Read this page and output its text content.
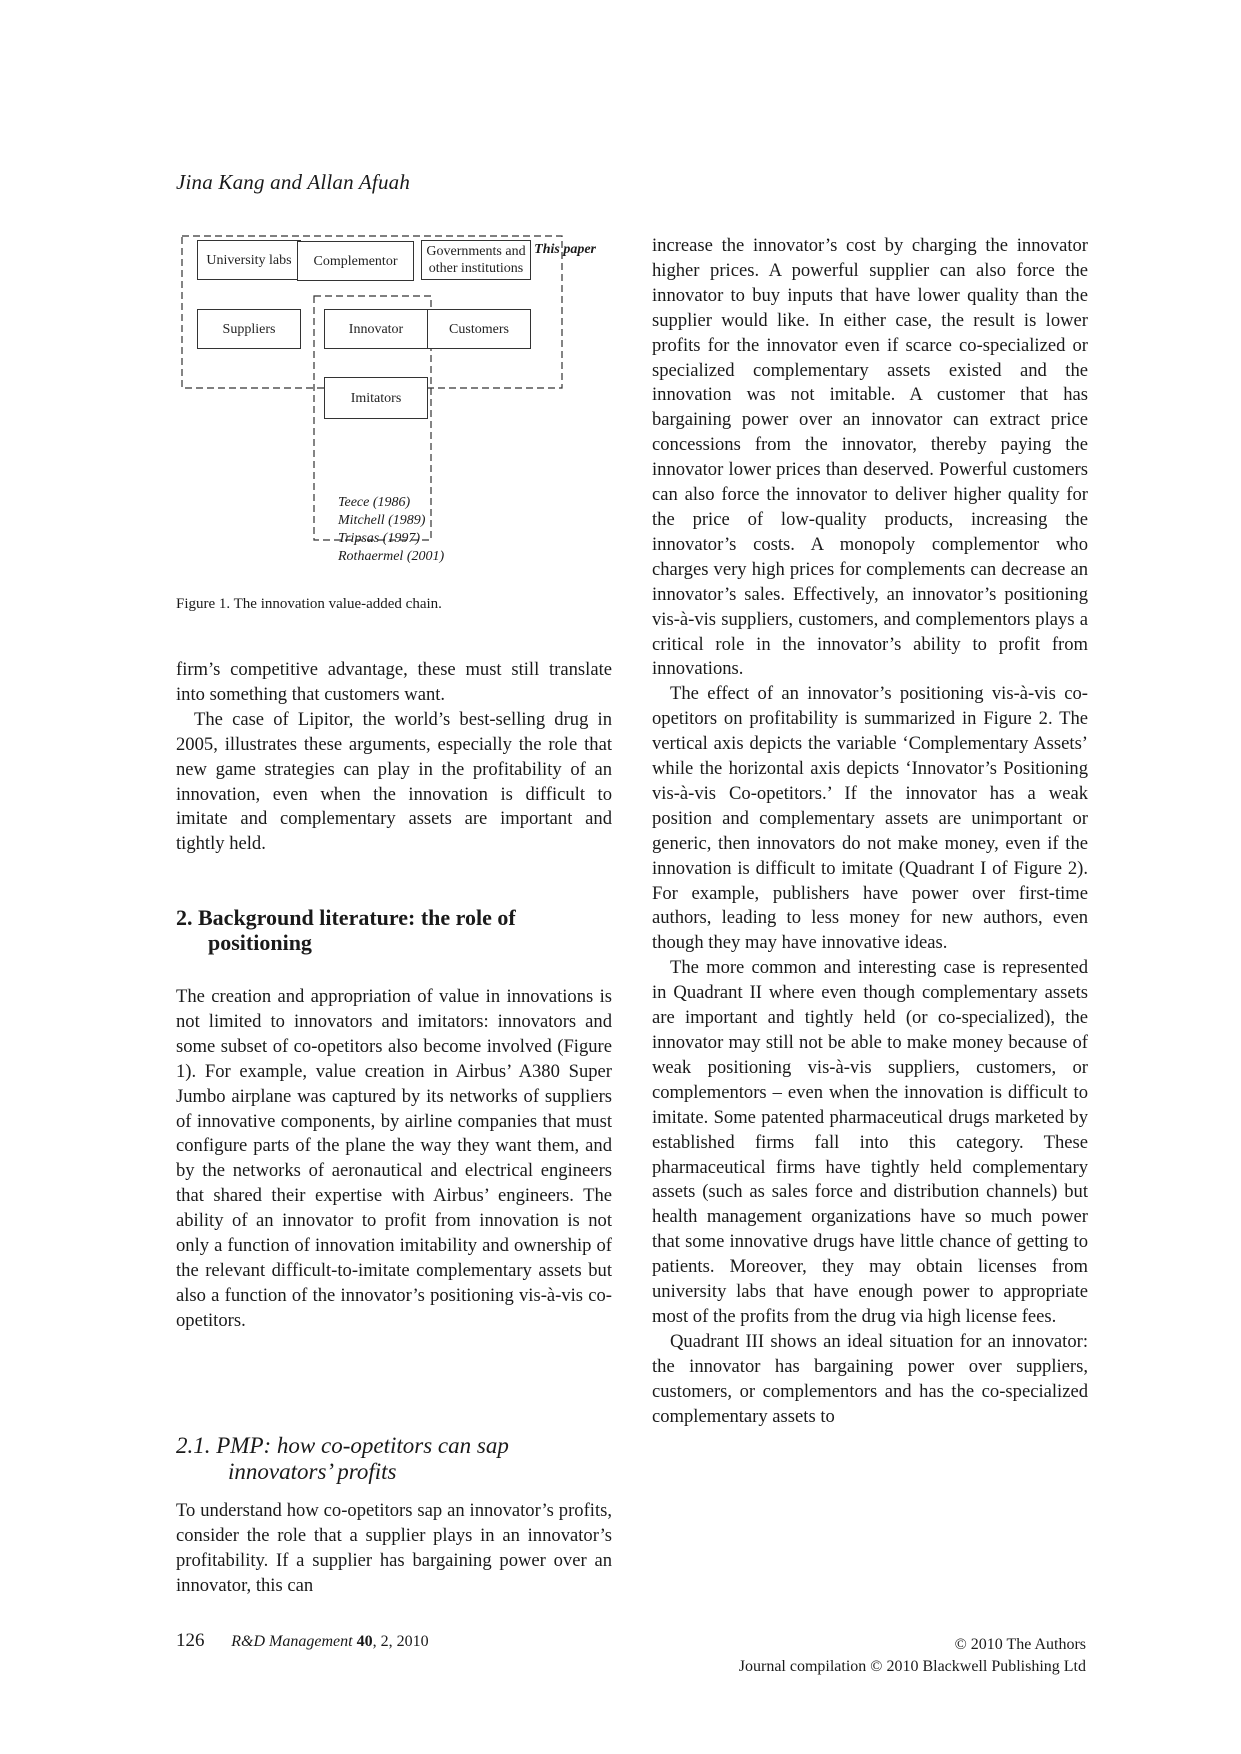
Jina Kang and Allan Afuah
This paper
University labs Complementor
Governments and
other institutions
Suppliers	Innovator	Customers
Imitators
Teece (1986)
Mitchell (1989)
Tripsas (1997)
Rothaermel (2001)
Figure 1. The innovation value-added chain.

firm’s competitive advantage, these must still translate into something that customers want.

The case of Lipitor, the world’s best-selling drug in 2005, illustrates these arguments, especially the role that new game strategies can play in the profitability of an innovation, even when the innovation is difficult to imitate and complementary assets are important and tightly held.

2. Background literature: the role of positioning

The creation and appropriation of value in innovations is not limited to innovators and imitators: innovators and some subset of co-opetitors also become involved (Figure 1). For example, value creation in Airbus’ A380 Super Jumbo airplane was captured by its networks of suppliers of innovative components, by airline companies that must configure parts of the plane the way they want them, and by the networks of aeronautical and electrical engineers that shared their expertise with Airbus’ engineers. The ability of an innovator to profit from innovation is not only a function of innovation imitability and ownership of the relevant difficult-to-imitate complementary assets but also a function of the innovator’s positioning vis-à-vis co-opetitors.

2.1. PMP: how co-opetitors can sap innovators’ profits

To understand how co-opetitors sap an innovator’s profits, consider the role that a supplier plays in an innovator’s profitability. If a supplier has bargaining power over an innovator, this can

increase the innovator’s cost by charging the innovator higher prices. A powerful supplier can also force the innovator to buy inputs that have lower quality than the supplier would like. In either case, the result is lower profits for the innovator even if scarce co-specialized or specialized complementary assets existed and the innovation was not imitable. A customer that has bargaining power over an innovator can extract price concessions from the innovator, thereby paying the innovator lower prices than deserved. Powerful customers can also force the innovator to deliver higher quality for the price of low-quality products, increasing the innovator’s costs. A monopoly complementor who charges very high prices for complements can decrease an innovator’s sales. Effectively, an innovator’s positioning vis-à-vis suppliers, customers, and complementors plays a critical role in the innovator’s ability to profit from innovations.

The effect of an innovator’s positioning vis-à-vis co-opetitors on profitability is summarized in Figure 2. The vertical axis depicts the variable ‘Complementary Assets’ while the horizontal axis depicts ‘Innovator’s Positioning vis-à-vis Co-opetitors.’ If the innovator has a weak position and complementary assets are unimportant or generic, then innovators do not make money, even if the innovation is difficult to imitate (Quadrant I of Figure 2). For example, publishers have power over first-time authors, leading to less money for new authors, even though they may have innovative ideas.

The more common and interesting case is represented in Quadrant II where even though complementary assets are important and tightly held (or co-specialized), the innovator may still not be able to make money because of weak positioning vis-à-vis suppliers, customers, or complementors – even when the innovation is difficult to imitate. Some patented pharmaceutical drugs marketed by established firms fall into this category. These pharmaceutical firms have tightly held complementary assets (such as sales force and distribution channels) but health management organizations have so much power that some innovative drugs have little chance of getting to patients. Moreover, they may obtain licenses from university labs that have enough power to appropriate most of the profits from the drug via high license fees.

Quadrant III shows an ideal situation for an innovator: the innovator has bargaining power over suppliers, customers, or complementors and has the co-specialized complementary assets to

126 R&D Management 40, 2, 2010	© 2010 The Authors
Journal compilation © 2010 Blackwell Publishing Ltd
